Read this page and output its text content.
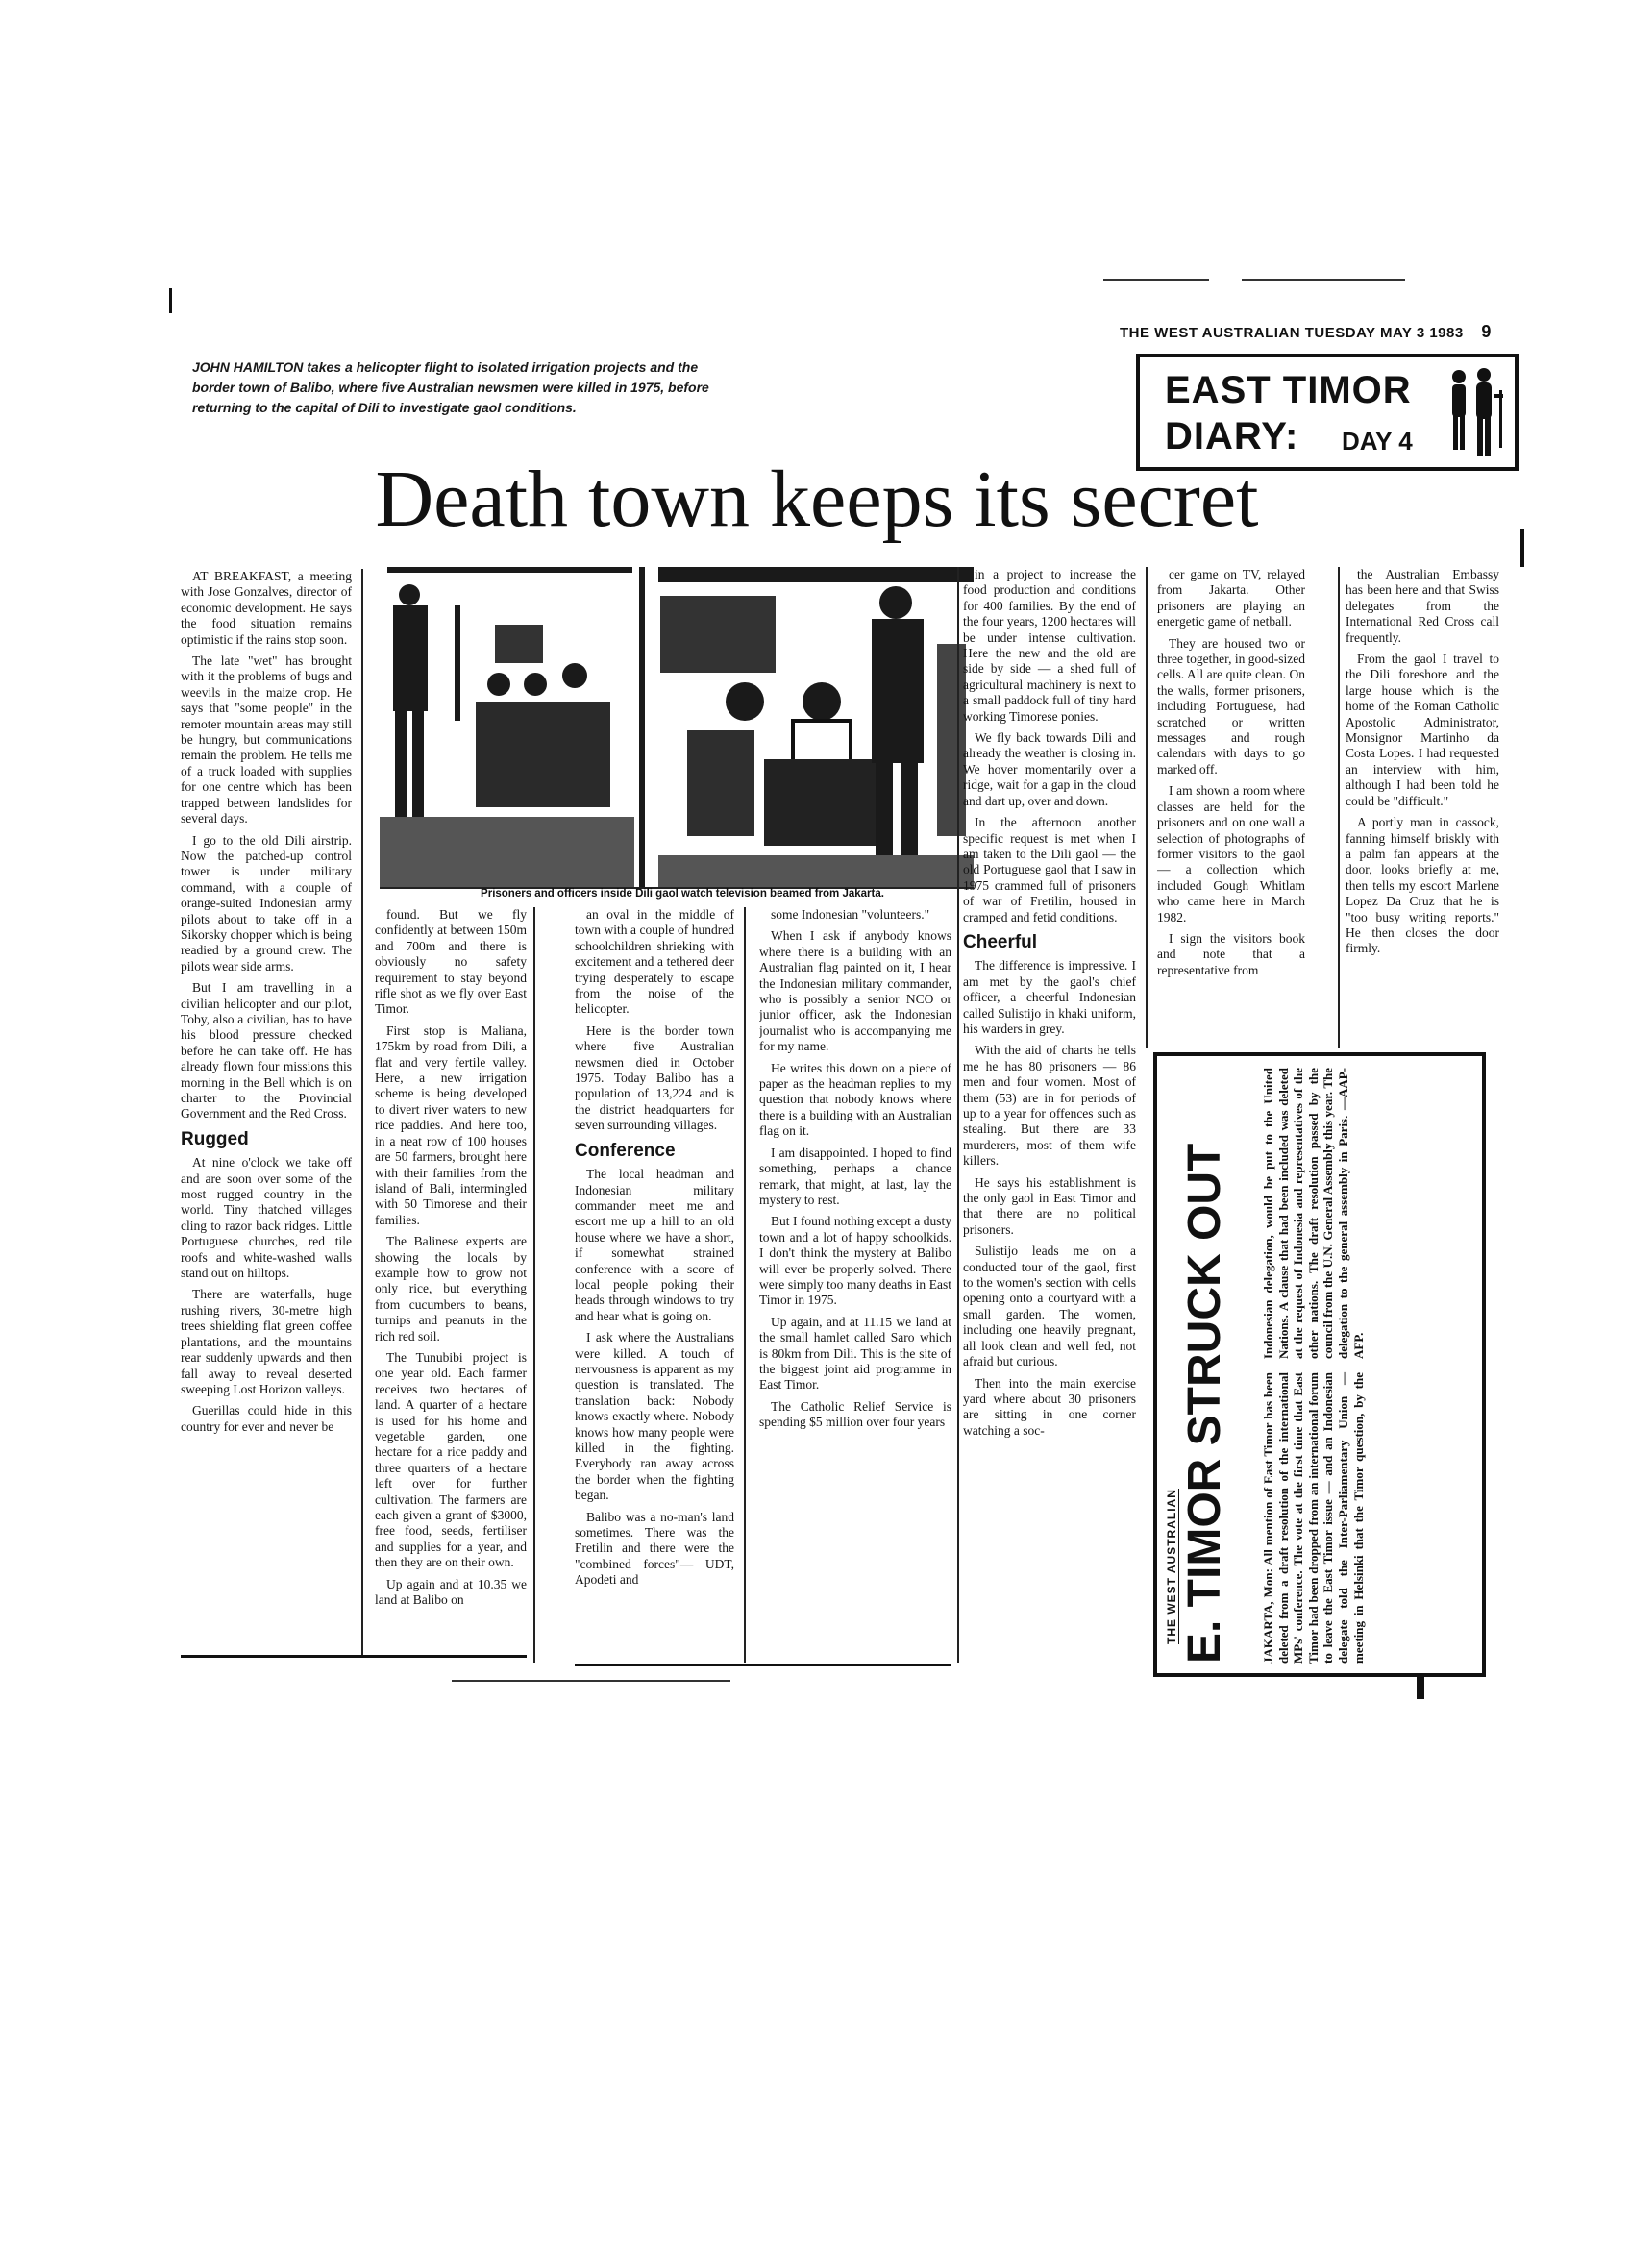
THE WEST AUSTRALIAN TUESDAY MAY 3 1983 9
JOHN HAMILTON takes a helicopter flight to isolated irrigation projects and the border town of Balibo, where five Australian newsmen were killed in 1975, before returning to the capital of Dili to investigate gaol conditions.	EAST TIMOR
DIARY: DAY 4
Death town keeps its secret

AT BREAKFAST, a meeting with Jose Gonzalves, director of economic development. He says the food situation remains optimistic if the rains stop soon.

The late "wet" has brought with it the problems of bugs and weevils in the maize crop. He says that "some people" in the remoter mountain areas may still be hungry, but communications remain the problem. He tells me of a truck loaded with supplies for one centre which has been trapped between landslides for several days.

I go to the old Dili airstrip. Now the patched-up control tower is under military command, with a couple of orange-suited Indonesian army pilots about to take off in a Sikorsky chopper which is being readied by a ground crew. The pilots wear side arms.

But I am travelling in a civilian helicopter and our pilot, Toby, also a civilian, has to have his blood pressure checked before he can take off. He has already flown four missions this morning in the Bell which is on charter to the Provincial Government and the Red Cross.

Rugged

At nine o'clock we take off and are soon over some of the most rugged country in the world. Tiny thatched villages cling to razor back ridges. Little Portuguese churches, red tile roofs and white-washed walls stand out on hilltops.

There are waterfalls, huge rushing rivers, 30-metre high trees shielding flat green coffee plantations, and the mountains rear suddenly upwards and then fall away to reveal deserted sweeping Lost Horizon valleys.

Guerillas could hide in this country for ever and never be

Prisoners and officers inside Dili gaol watch television beamed from Jakarta.

found. But we fly confidently at between 150m and 700m and there is obviously no safety requirement to stay beyond rifle shot as we fly over East Timor.

First stop is Maliana, 175km by road from Dili, a flat and very fertile valley. Here, a new irrigation scheme is being developed to divert river waters to new rice paddies. And here too, in a neat row of 100 houses are 50 farmers, brought here with their families from the island of Bali, intermingled with 50 Timorese and their families.

The Balinese experts are showing the locals by example how to grow not only rice, but everything from cucumbers to beans, turnips and peanuts in the rich red soil.

The Tunubibi project is one year old. Each farmer receives two hectares of land. A quarter of a hectare is used for his home and vegetable garden, one hectare for a rice paddy and three quarters of a hectare left over for further cultivation. The farmers are each given a grant of $3000, free food, seeds, fertiliser and supplies for a year, and then they are on their own.

Up again and at 10.35 we land at Balibo on

an oval in the middle of town with a couple of hundred schoolchildren shrieking with excitement and a tethered deer trying desperately to escape from the noise of the helicopter.

Here is the border town where five Australian newsmen died in October 1975. Today Balibo has a population of 13,224 and is the district headquarters for seven surrounding villages.

Conference

The local headman and Indonesian military commander meet me and escort me up a hill to an old house where we have a short, if somewhat strained conference with a score of local people poking their heads through windows to try and hear what is going on.

I ask where the Australians were killed. A touch of nervousness is apparent as my question is translated. The translation back: Nobody knows exactly where. Nobody knows how many people were killed in the fighting. Everybody ran away across the border when the fighting began.

Balibo was a no-man's land sometimes. There was the Fretilin and there were the "combined forces"— UDT, Apodeti and

some Indonesian "volunteers."

When I ask if anybody knows where there is a building with an Australian flag painted on it, I hear the Indonesian military commander, who is possibly a senior NCO or junior officer, ask the Indonesian journalist who is accompanying me for my name.

He writes this down on a piece of paper as the headman replies to my question that nobody knows where there is a building with an Australian flag on it.

I am disappointed. I hoped to find something, perhaps a chance remark, that might, at last, lay the mystery to rest.

But I found nothing except a dusty town and a lot of happy schoolkids. I don't think the mystery at Balibo will ever be properly solved. There were simply too many deaths in East Timor in 1975.

Up again, and at 11.15 we land at the small hamlet called Saro which is 80km from Dili. This is the site of the biggest joint aid programme in East Timor.

The Catholic Relief Service is spending $5 million over four years

in a project to increase the food production and conditions for 400 families. By the end of the four years, 1200 hectares will be under intense cultivation. Here the new and the old are side by side — a shed full of agricultural machinery is next to a small paddock full of tiny hard working Timorese ponies.

We fly back towards Dili and already the weather is closing in. We hover momentarily over a ridge, wait for a gap in the cloud and dart up, over and down.

In the afternoon another specific request is met when I am taken to the Dili gaol — the old Portuguese gaol that I saw in 1975 crammed full of prisoners of war of Fretilin, housed in cramped and fetid conditions.

Cheerful

The difference is impressive. I am met by the gaol's chief officer, a cheerful Indonesian called Sulistijo in khaki uniform, his warders in grey.

With the aid of charts he tells me he has 80 prisoners — 86 men and four women. Most of them (53) are in for periods of up to a year for offences such as stealing. But there are 33 murderers, most of them wife killers.

He says his establishment is the only gaol in East Timor and that there are no political prisoners.

Sulistijo leads me on a conducted tour of the gaol, first to the women's section with cells opening onto a courtyard with a small garden. The women, including one heavily pregnant, all look clean and well fed, not afraid but curious.

Then into the main exercise yard where about 30 prisoners are sitting in one corner watching a soc-

cer game on TV, relayed from Jakarta. Other prisoners are playing an energetic game of netball.

They are housed two or three together, in good-sized cells. All are quite clean. On the walls, former prisoners, including Portuguese, had scratched or written messages and rough calendars with days to go marked off.

I am shown a room where classes are held for the prisoners and on one wall a selection of photographs of former visitors to the gaol — a collection which included Gough Whitlam who came here in March 1982.

I sign the visitors book and note that a representative from

the Australian Embassy has been here and that Swiss delegates from the International Red Cross call frequently.

From the gaol I travel to the Dili foreshore and the large house which is the home of the Roman Catholic Apostolic Administrator, Monsignor Martinho da Costa Lopes. I had requested an interview with him, although I had been told he could be "difficult."

A portly man in cassock, fanning himself briskly with a palm fan appears at the door, looks briefly at me, then tells my escort Marlene Lopez Da Cruz that he is "too busy writing reports." He then closes the door firmly.

THE WEST AUSTRALIAN E. TIMOR STRUCK OUT JAKARTA, Mon: All mention of East Timor has been deleted from a draft resolution of the international MPs' conference. The vote at the first time that East Timor had been dropped from an international forum to leave the East Timor issue — and an Indonesian delegate told the Inter-Parliamentary Union — meeting in Helsinki that the Timor question, by the Indonesian delegation, would be put to the United Nations. A clause that had been included was deleted at the request of Indonesia and representatives of the other nations. The draft resolution passed by the council from the U.N. General Assembly this year. The delegation to the general assembly in Paris. —AAP-AFP.
